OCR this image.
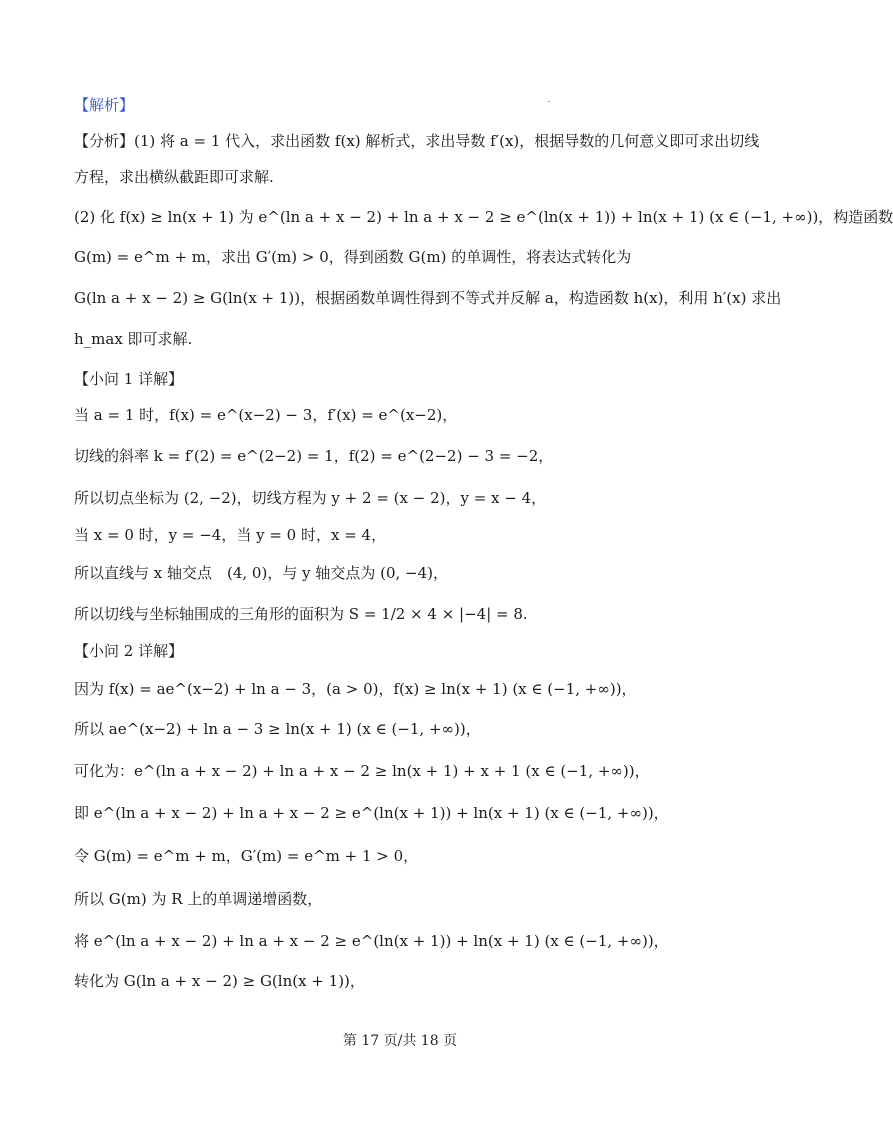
【解析】
【分析】(1) 将 a = 1 代入，求出函数 f(x) 解析式，求出导数 f′(x)，根据导数的几何意义即可求出切线
方程，求出横纵截距即可求解.
(2) 化 f(x) ≥ ln(x + 1) 为 e^(ln a + x − 2) + ln a + x − 2 ≥ e^(ln(x + 1)) + ln(x + 1) (x ∈ (−1, +∞))，构造函数
G(m) = e^m + m，求出 G′(m) > 0，得到函数 G(m) 的单调性，将表达式转化为
G(ln a + x − 2) ≥ G(ln(x + 1))，根据函数单调性得到不等式并反解 a，构造函数 h(x)，利用 h′(x) 求出
h_max 即可求解.
【小问 1 详解】
当 a = 1 时，f(x) = e^(x−2) − 3，f′(x) = e^(x−2)，
切线的斜率 k = f′(2) = e^(2−2) = 1，f(2) = e^(2−2) − 3 = −2，
所以切点坐标为 (2, −2)，切线方程为 y + 2 = (x − 2)，y = x − 4，
当 x = 0 时，y = −4，当 y = 0 时，x = 4，
所以直线与 x 轴交点　(4, 0)，与 y 轴交点为 (0, −4)，
所以切线与坐标轴围成的三角形的面积为 S = 1/2 × 4 × |−4| = 8.
【小问 2 详解】
因为 f(x) = ae^(x−2) + ln a − 3，(a > 0)，f(x) ≥ ln(x + 1) (x ∈ (−1, +∞))，
所以 ae^(x−2) + ln a − 3 ≥ ln(x + 1) (x ∈ (−1, +∞))，
可化为：e^(ln a + x − 2) + ln a + x − 2 ≥ ln(x + 1) + x + 1 (x ∈ (−1, +∞))，
即 e^(ln a + x − 2) + ln a + x − 2 ≥ e^(ln(x + 1)) + ln(x + 1) (x ∈ (−1, +∞))，
令 G(m) = e^m + m，G′(m) = e^m + 1 > 0，
所以 G(m) 为 R 上的单调递增函数，
将 e^(ln a + x − 2) + ln a + x − 2 ≥ e^(ln(x + 1)) + ln(x + 1) (x ∈ (−1, +∞))，
转化为 G(ln a + x − 2) ≥ G(ln(x + 1))，
第 17 页/共 18 页
